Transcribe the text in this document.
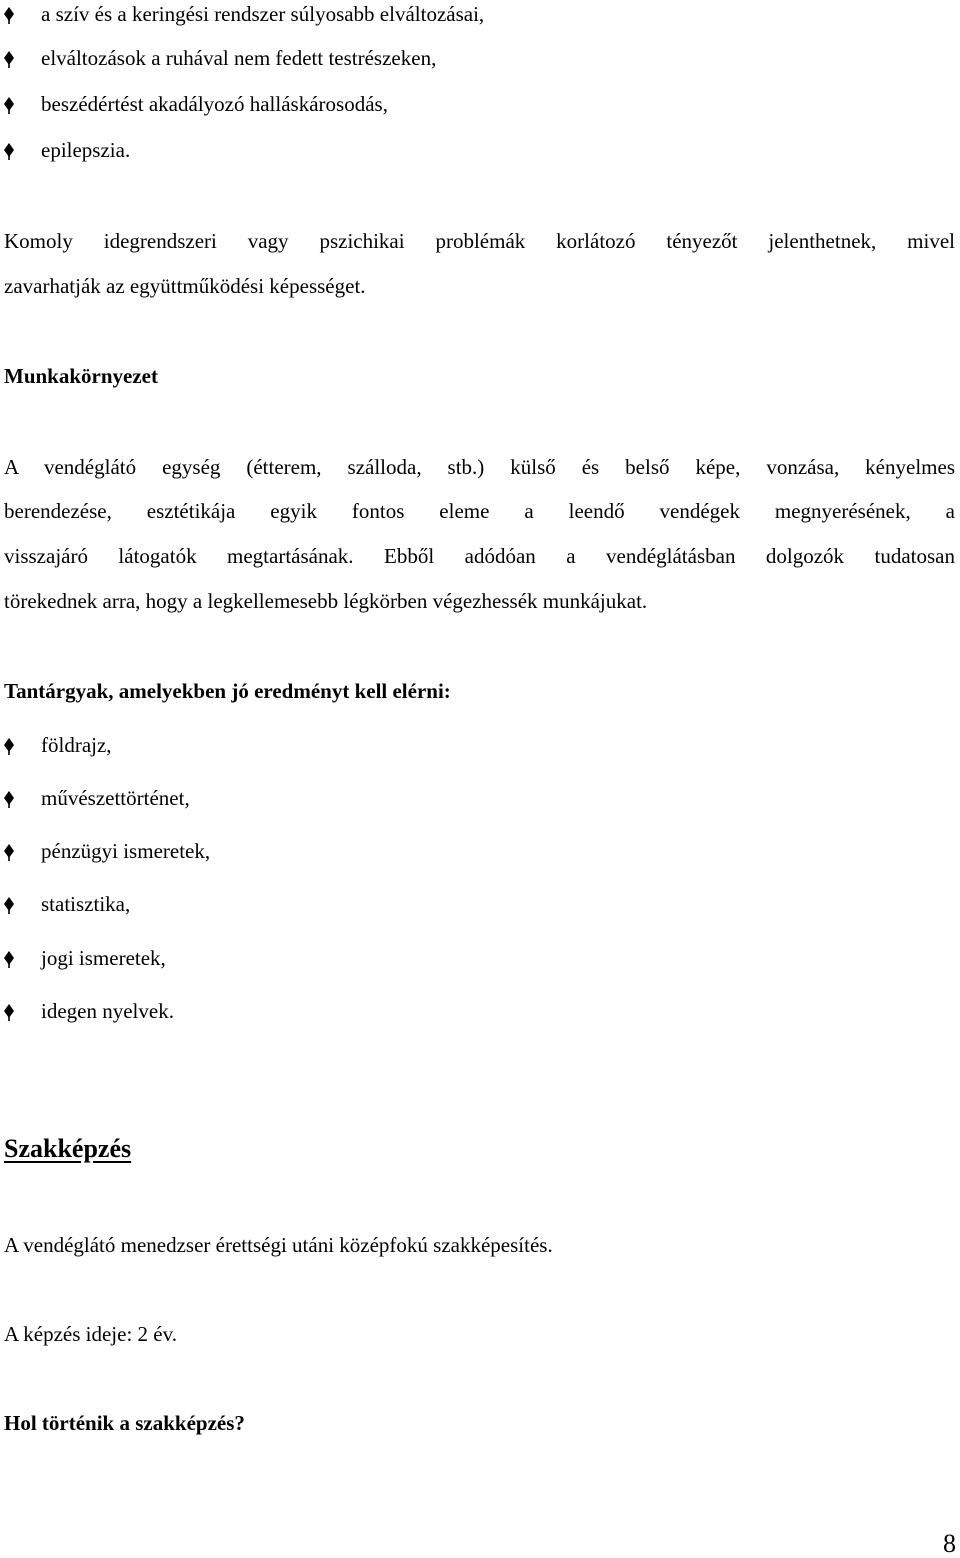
a szív és a keringési rendszer súlyosabb elváltozásai,
elváltozások a ruhával nem fedett testrészeken,
beszédértést akadályozó halláskárosodás,
epilepszia.
Komoly idegrendszeri vagy pszichikai problémák korlátozó tényezőt jelenthetnek, mivel
zavarhatják az együttműködési képességet.
Munkakörnyezet
A vendéglátó egység (étterem, szálloda, stb.) külső és belső képe, vonzása, kényelmes
berendezése, esztétikája egyik fontos eleme a leendő vendégek megnyerésének, a
visszajáró látogatók megtartásának. Ebből adódóan a vendéglátásban dolgozók tudatosan
törekednek arra, hogy a legkellemesebb légkörben végezhessék munkájukat.
Tantárgyak, amelyekben jó eredményt kell elérni:
földrajz,
művészettörténet,
pénzügyi ismeretek,
statisztika,
jogi ismeretek,
idegen nyelvek.
Szakképzés
A vendéglátó menedzser érettségi utáni középfokú szakképesítés.
A képzés ideje: 2 év.
Hol történik a szakképzés?
8
